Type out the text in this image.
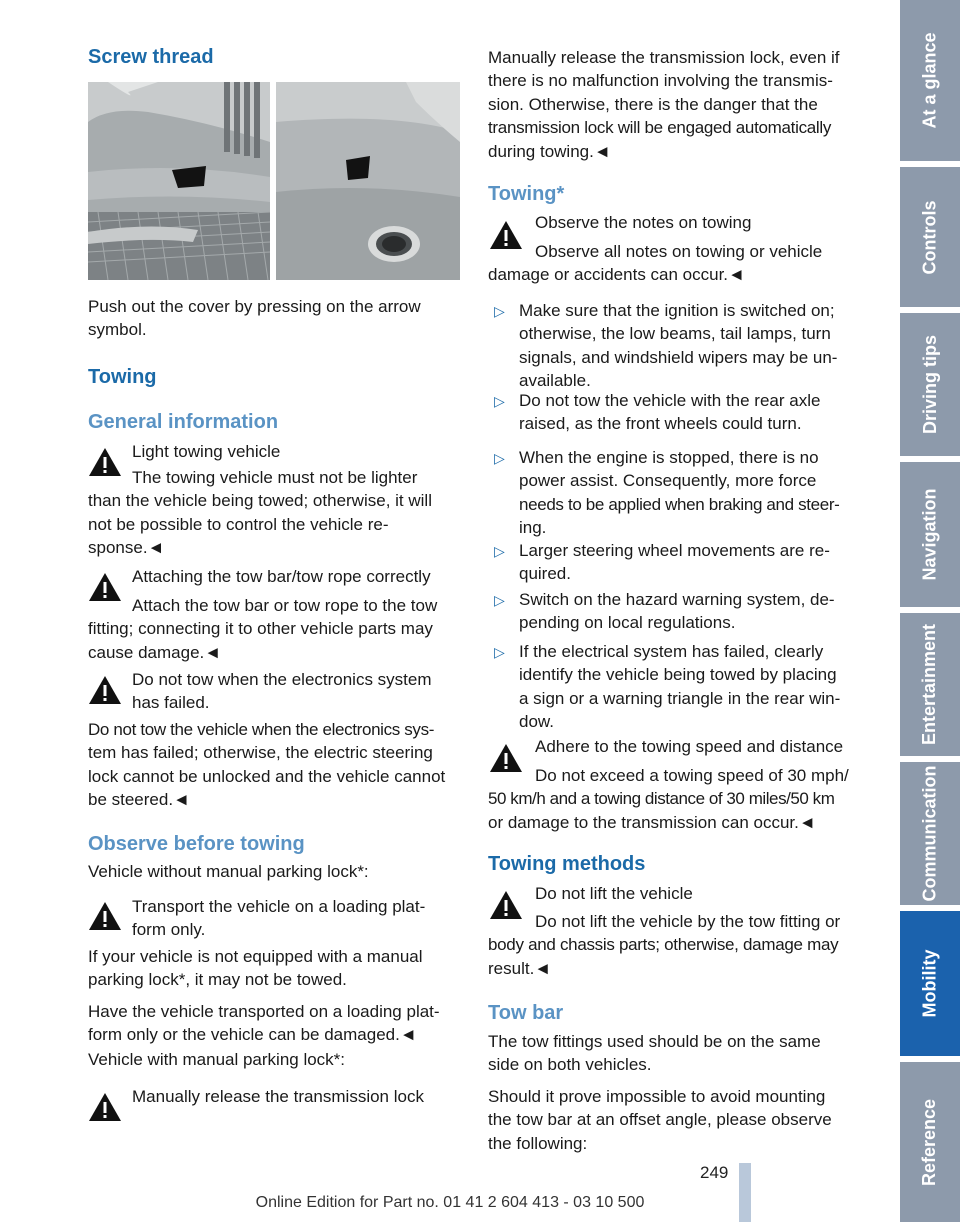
Screw thread

Push out the cover by pressing on the arrow

symbol.

Towing
General information

Light towing vehicle

The towing vehicle must not be lighter

than the vehicle being towed; otherwise, it will

not be possible to control the vehicle re-

sponse.◄

Attaching the tow bar/tow rope correctly

Attach the tow bar or tow rope to the tow

fitting; connecting it to other vehicle parts may

cause damage.◄

Do not tow when the electronics system

has failed.

Do not tow the vehicle when the electronics sys-

tem has failed; otherwise, the electric steering

lock cannot be unlocked and the vehicle cannot

be steered.◄

Observe before towing

Vehicle without manual parking lock*:

Transport the vehicle on a loading plat-

form only.

If your vehicle is not equipped with a manual

parking lock*, it may not be towed.

Have the vehicle transported on a loading plat-

form only or the vehicle can be damaged.◄

Vehicle with manual parking lock*:

Manually release the transmission lock

Manually release the transmission lock, even if

there is no malfunction involving the transmis-

sion. Otherwise, there is the danger that the

transmission lock will be engaged automatically

during towing.◄

Towing*

Observe the notes on towing

Observe all notes on towing or vehicle

damage or accidents can occur.◄

▷ Make sure that the ignition is switched on;

otherwise, the low beams, tail lamps, turn

signals, and windshield wipers may be un-

available.

▷ Do not tow the vehicle with the rear axle

raised, as the front wheels could turn.

▷ When the engine is stopped, there is no

power assist. Consequently, more force

needs to be applied when braking and steer-

ing.

▷ Larger steering wheel movements are re-

quired.

▷ Switch on the hazard warning system, de-

pending on local regulations.

▷ If the electrical system has failed, clearly

identify the vehicle being towed by placing

a sign or a warning triangle in the rear win-

dow.

Adhere to the towing speed and distance

Do not exceed a towing speed of 30 mph/

50 km/h and a towing distance of 30 miles/50 km

or damage to the transmission can occur.◄

Towing methods

Do not lift the vehicle

Do not lift the vehicle by the tow fitting or

body and chassis parts; otherwise, damage may

result.◄

Tow bar

The tow fittings used should be on the same

side on both vehicles.

Should it prove impossible to avoid mounting

the tow bar at an offset angle, please observe

the following:

At a glance
Controls
Driving tips
Navigation
Entertainment
Communication
Mobility
Reference
249
Online Edition for Part no. 01 41 2 604 413 - 03 10 500
